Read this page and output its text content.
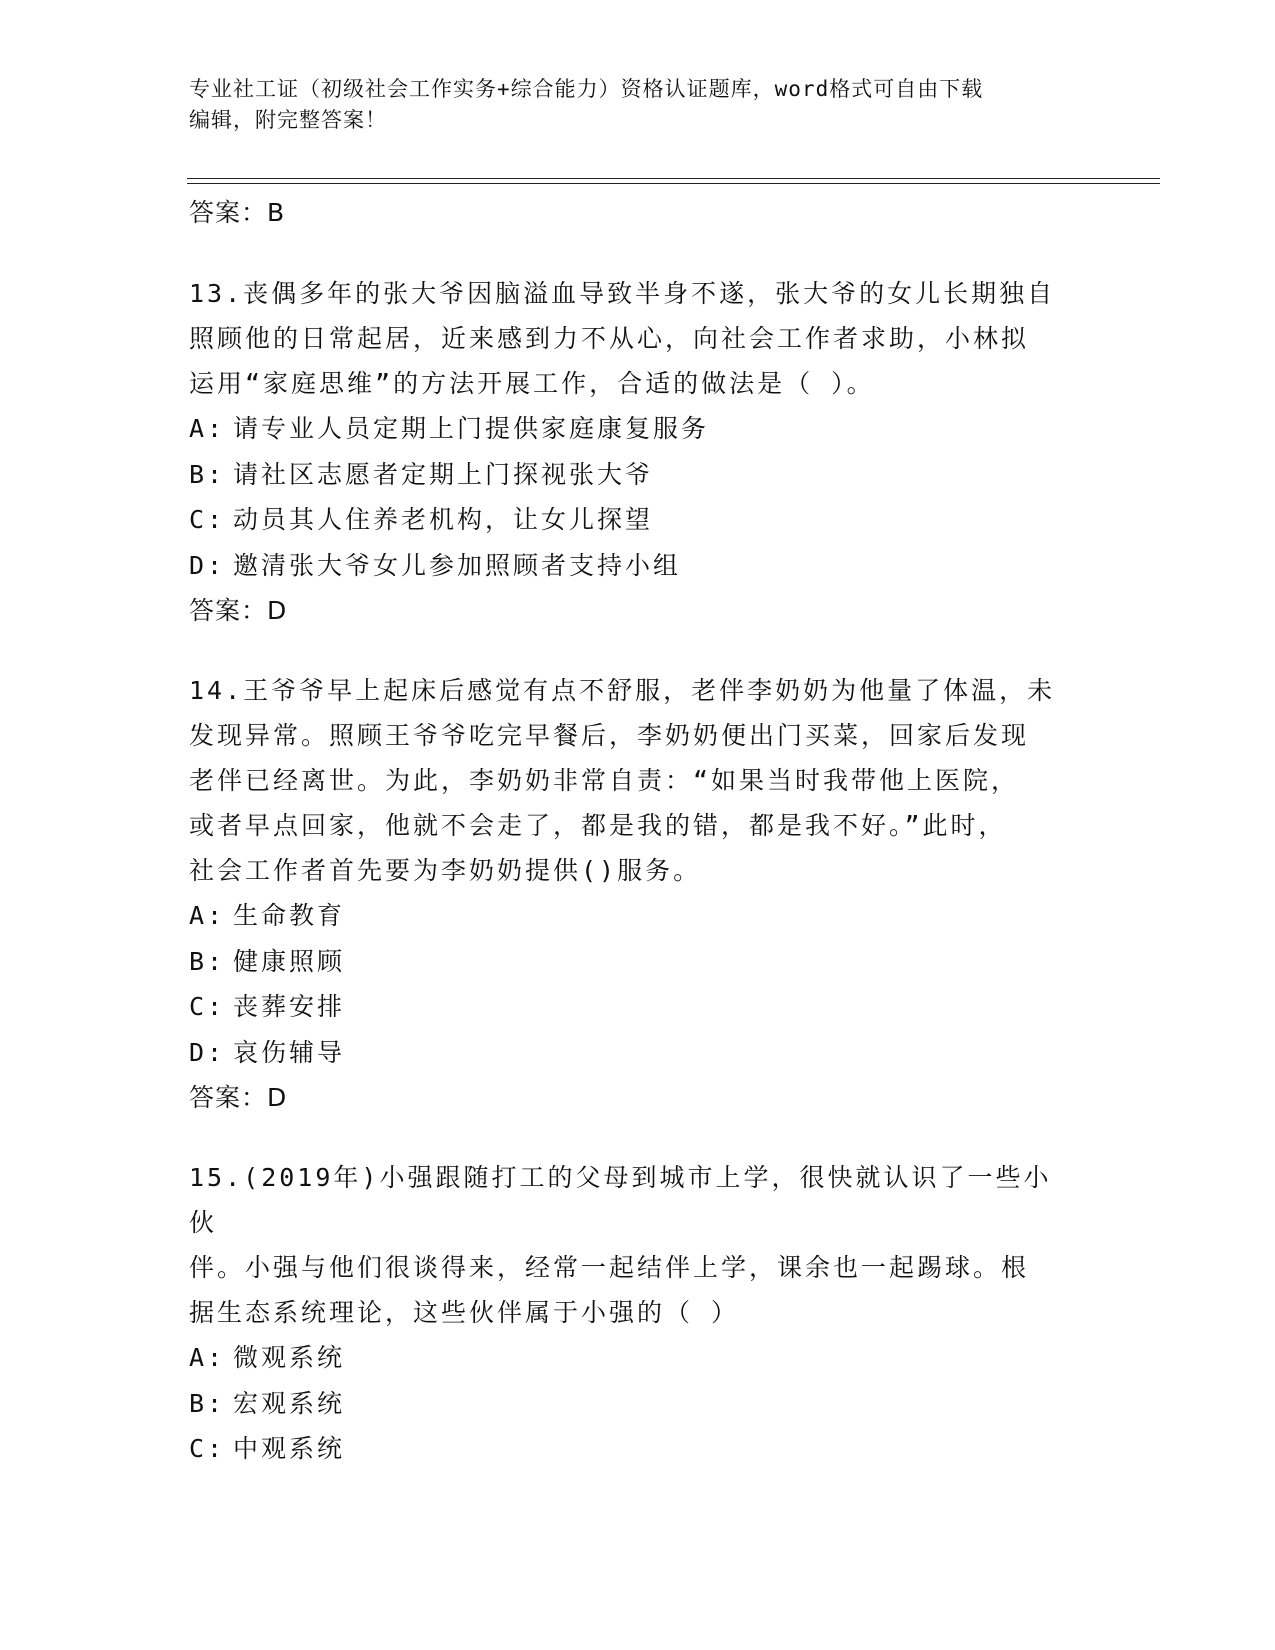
专业社工证（初级社会工作实务+综合能力）资格认证题库，word格式可自由下载
编辑，附完整答案！
答案：B
13.丧偶多年的张大爷因脑溢血导致半身不遂，张大爷的女儿长期独自
照顾他的日常起居，近来感到力不从心，向社会工作者求助，小林拟
运用“家庭思维”的方法开展工作，合适的做法是（ ）。
A: 请专业人员定期上门提供家庭康复服务
B: 请社区志愿者定期上门探视张大爷
C: 动员其人住养老机构，让女儿探望
D: 邀清张大爷女儿参加照顾者支持小组
答案：D
14.王爷爷早上起床后感觉有点不舒服，老伴李奶奶为他量了体温，未
发现异常。照顾王爷爷吃完早餐后，李奶奶便出门买菜，回家后发现
老伴已经离世。为此，李奶奶非常自责：“如果当时我带他上医院，
或者早点回家，他就不会走了，都是我的错，都是我不好。”此时，
社会工作者首先要为李奶奶提供()服务。
A: 生命教育
B: 健康照顾
C: 丧葬安排
D: 哀伤辅导
答案：D
15.(2019年)小强跟随打工的父母到城市上学，很快就认识了一些小伙
伴。小强与他们很谈得来，经常一起结伴上学，课余也一起踢球。根
据生态系统理论，这些伙伴属于小强的（ ）
A: 微观系统
B: 宏观系统
C: 中观系统
